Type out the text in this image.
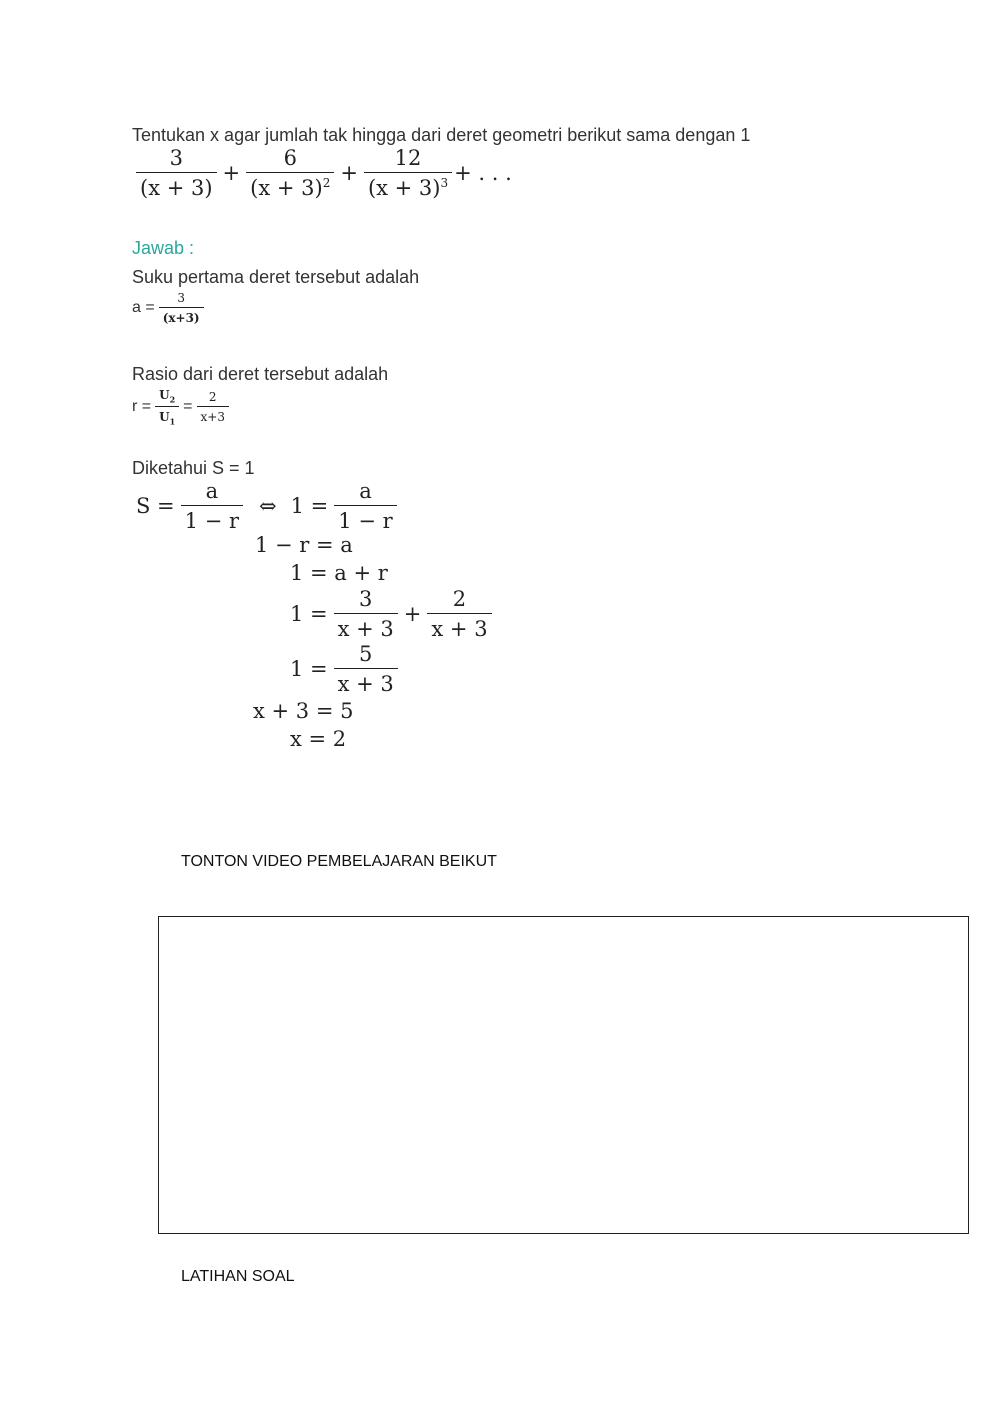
Tentukan x agar jumlah tak hingga dari deret geometri berikut sama dengan 1
$\frac{3}{(x + 3)} + \frac{6}{(x + 3)^2} + \frac{12}{(x + 3)^3}$ + . . .
Jawab :
Suku pertama deret tersebut adalah
$a = \frac{3}{(x+3)}$
Rasio dari deret tersebut adalah
$r = \frac{U_2}{U_1} = \frac{2}{x+3}$
Diketahui S = 1
$S = \frac{a}{1 - r}$ ⇔ $1 = \frac{a}{1 - r}$
1 − r = a
1 = a + r
$1 = \frac{3}{x + 3} + \frac{2}{x + 3}$
$1 = \frac{5}{x + 3}$
x + 3 = 5
x = 2
TONTON VIDEO PEMBELAJARAN BEIKUT
LATIHAN SOAL
